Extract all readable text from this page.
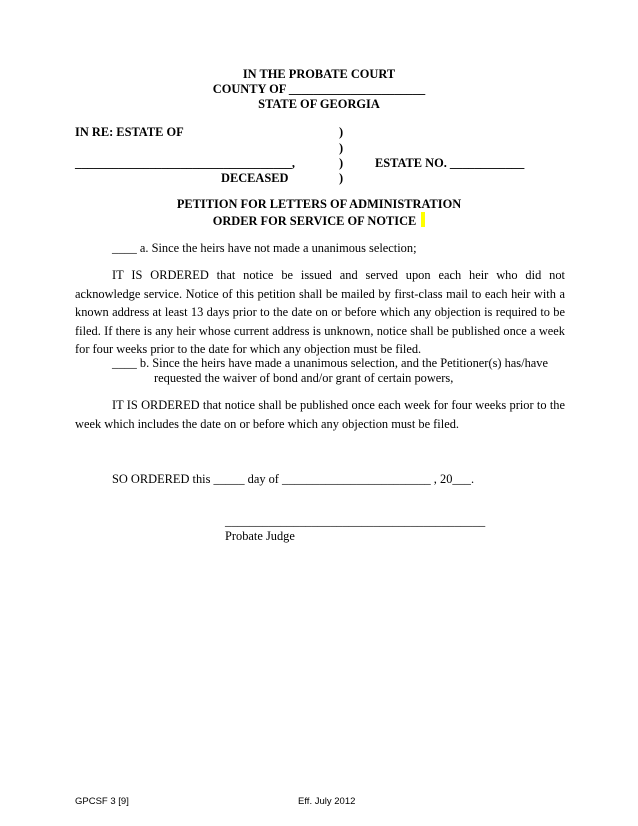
IN THE PROBATE COURT
COUNTY OF ______________________
STATE OF GEORGIA
IN RE: ESTATE OF	)
)
___________________________________,	)	ESTATE NO. ____________
DECEASED	)
PETITION FOR LETTERS OF ADMINISTRATION
ORDER FOR SERVICE OF NOTICE
____ a. Since the heirs have not made a unanimous selection;
IT IS ORDERED that notice be issued and served upon each heir who did not acknowledge service. Notice of this petition shall be mailed by first-class mail to each heir with a known address at least 13 days prior to the date on or before which any objection is required to be filed. If there is any heir whose current address is unknown, notice shall be published once a week for four weeks prior to the date for which any objection must be filed.
____ b. Since the heirs have made a unanimous selection, and the Petitioner(s) has/have
requested the waiver of bond and/or grant of certain powers,
IT IS ORDERED that notice shall be published once each week for four weeks prior to the week which includes the date on or before which any objection must be filed.
SO ORDERED this _____ day of ________________________ , 20___.
__________________________________________
Probate Judge
GPCSF 3 [9]	Eff. July 2012
